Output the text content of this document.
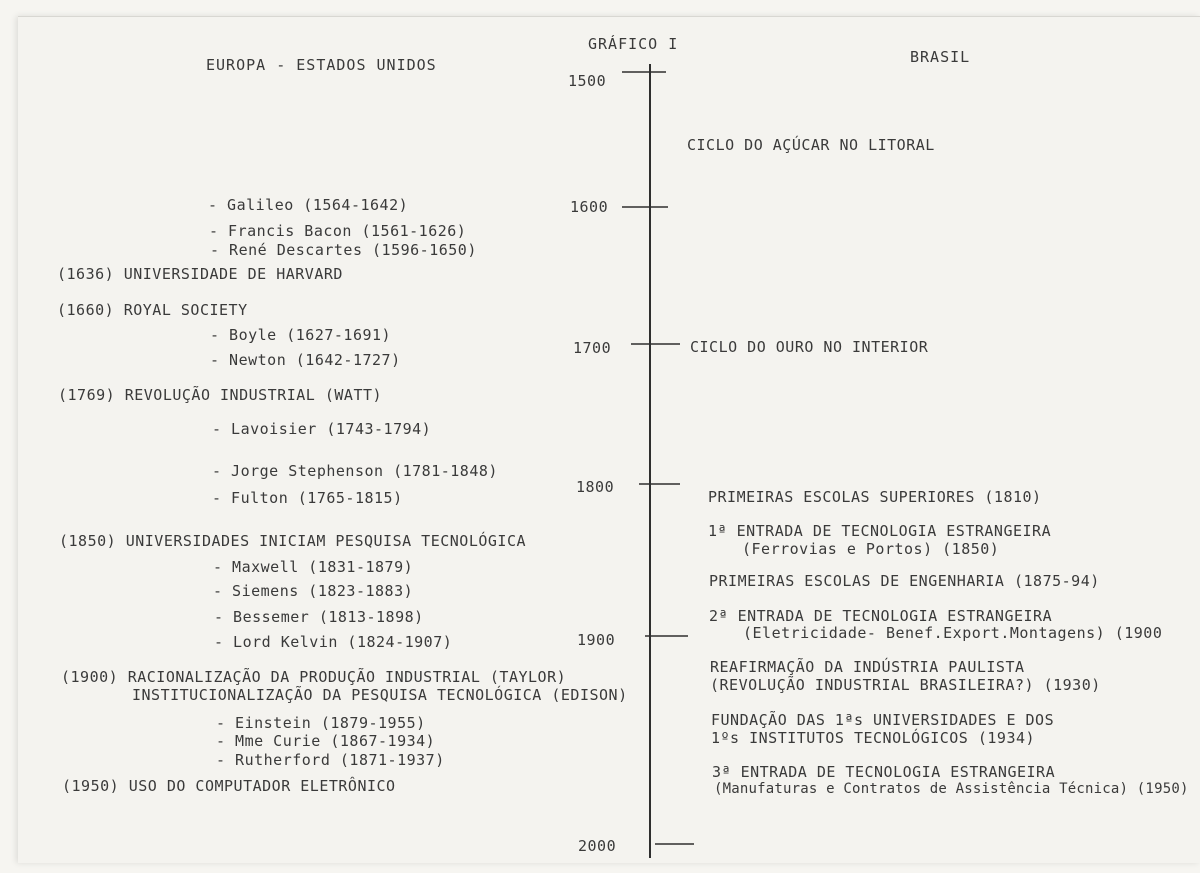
GRÁFICO I
EUROPA - ESTADOS UNIDOS	BRASIL
1500
1600
1700
1800
1900
2000
- Galileo (1564-1642)
- Francis Bacon (1561-1626)
- René Descartes (1596-1650)
(1636) UNIVERSIDADE DE HARVARD
(1660) ROYAL SOCIETY
- Boyle (1627-1691)
- Newton (1642-1727)
(1769) REVOLUÇÃO INDUSTRIAL (WATT)
- Lavoisier (1743-1794)
- Jorge Stephenson (1781-1848)
- Fulton (1765-1815)
(1850) UNIVERSIDADES INICIAM PESQUISA TECNOLÓGICA
- Maxwell (1831-1879)
- Siemens (1823-1883)
- Bessemer (1813-1898)
- Lord Kelvin (1824-1907)
(1900) RACIONALIZAÇÃO DA PRODUÇÃO INDUSTRIAL (TAYLOR)
INSTITUCIONALIZAÇÃO DA PESQUISA TECNOLÓGICA (EDISON)
- Einstein (1879-1955)
- Mme Curie (1867-1934)
- Rutherford (1871-1937)
(1950) USO DO COMPUTADOR ELETRÔNICO
CICLO DO AÇÚCAR NO LITORAL
CICLO DO OURO NO INTERIOR
PRIMEIRAS ESCOLAS SUPERIORES (1810)
1ª ENTRADA DE TECNOLOGIA ESTRANGEIRA
(Ferrovias e Portos) (1850)
PRIMEIRAS ESCOLAS DE ENGENHARIA (1875-94)
2ª ENTRADA DE TECNOLOGIA ESTRANGEIRA
(Eletricidade- Benef.Export.Montagens) (1900
REAFIRMAÇÃO DA INDÚSTRIA PAULISTA
(REVOLUÇÃO INDUSTRIAL BRASILEIRA?) (1930)
FUNDAÇÃO DAS 1ªs UNIVERSIDADES E DOS
1ºs INSTITUTOS TECNOLÓGICOS (1934)
3ª ENTRADA DE TECNOLOGIA ESTRANGEIRA
(Manufaturas e Contratos de Assistência Técnica) (1950)
